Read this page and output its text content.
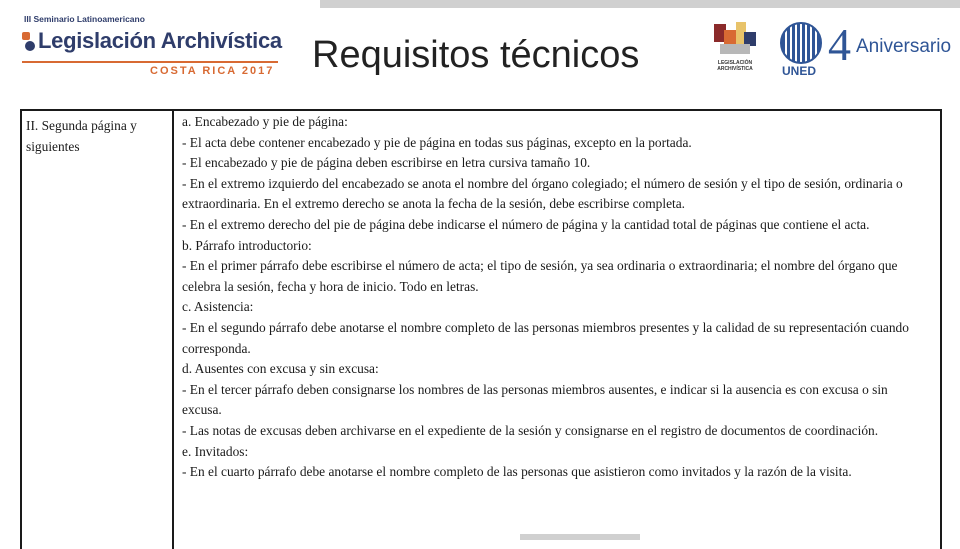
III Seminario Latinoamericano
Legislación Archivística
COSTA RICA 2017 Requisitos técnicos	LEGISLACIÓN ARCHIVÍSTICA	UNED
4 Aniversario
II. Segunda página y siguientes
a. Encabezado y pie de página:
- El acta debe contener encabezado y pie de página en todas sus páginas, excepto en la portada.
- El encabezado y pie de página deben escribirse en letra cursiva tamaño 10.
- En el extremo izquierdo del encabezado se anota el nombre del órgano colegiado; el número de sesión y el tipo de sesión, ordinaria o extraordinaria. En el extremo derecho se anota la fecha de la sesión, debe escribirse completa.
- En el extremo derecho del pie de página debe indicarse el número de página y la cantidad total de páginas que contiene el acta.
b. Párrafo introductorio:
- En el primer párrafo debe escribirse el número de acta; el tipo de sesión, ya sea ordinaria o extraordinaria; el nombre del órgano que celebra la sesión, fecha y hora de inicio. Todo en letras.
c. Asistencia:
- En el segundo párrafo debe anotarse el nombre completo de las personas miembros presentes y la calidad de su representación cuando corresponda.
d. Ausentes con excusa y sin excusa:
- En el tercer párrafo deben consignarse los nombres de las personas miembros ausentes, e indicar si la ausencia es con excusa o sin excusa.
- Las notas de excusas deben archivarse en el expediente de la sesión y consignarse en el registro de documentos de coordinación.
e. Invitados:
- En el cuarto párrafo debe anotarse el nombre completo de las personas que asistieron como invitados y la razón de la visita.
